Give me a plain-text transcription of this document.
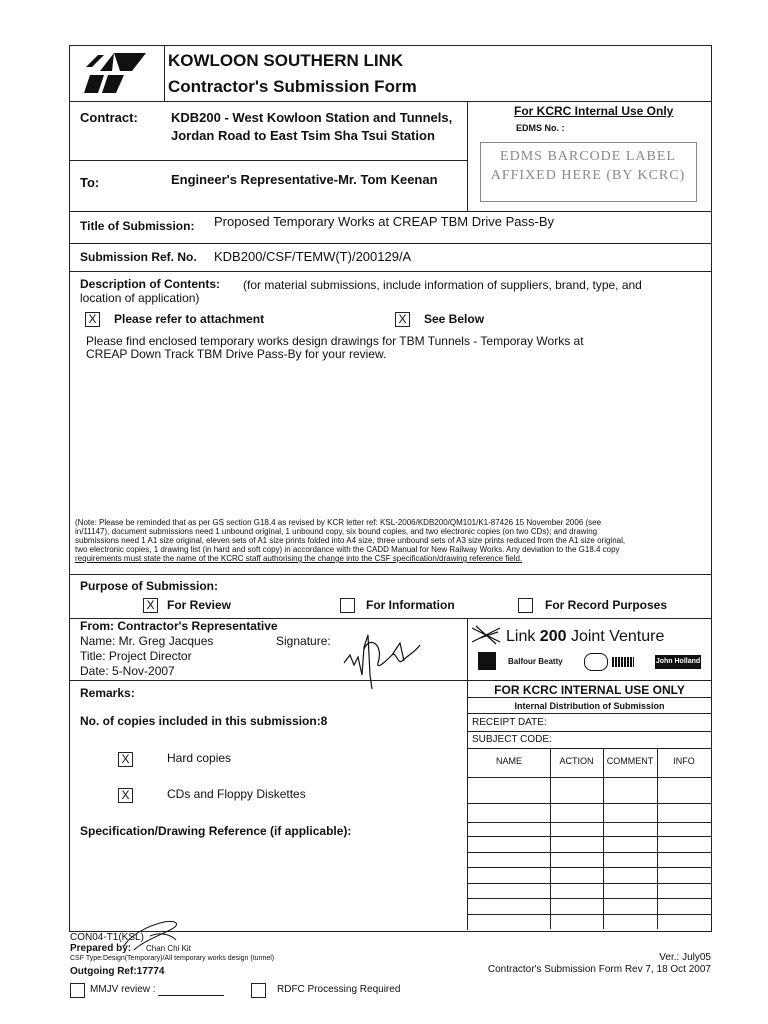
KOWLOON SOUTHERN LINK
Contractor's Submission Form
Contract:	KDB200 - West Kowloon Station and Tunnels,
Jordan Road to East Tsim Sha Tsui Station
To:	Engineer's Representative-Mr. Tom Keenan
For KCRC Internal Use Only
EDMS No. :
EDMS BARCODE LABEL
AFFIXED HERE (BY KCRC)
Title of Submission: Proposed Temporary Works at CREAP TBM Drive Pass-By
Submission Ref. No. KDB200/CSF/TEMW(T)/200129/A
Description of Contents: (for material submissions, include information of suppliers, brand, type, and
location of application)
X Please refer to attachment	X See Below
Please find enclosed temporary works design drawings for TBM Tunnels - Temporay Works at
CREAP Down Track TBM Drive Pass-By for your review.
(Note: Please be reminded that as per GS section G18.4 as revised by KCR letter ref: KSL-2006/KDB200/QM101/K1-87426 15 November 2006 (see
in/11147), document submissions need 1 unbound original, 1 unbound copy, six bound copies, and two electronic copies (on two CDs); and drawing
submissions need 1 A1 size original, eleven sets of A1 size prints folded into A4 size, three unbound sets of A3 size prints reduced from the A1 size original,
two electronic copies, 1 drawing list (in hard and soft copy) in accordance with the CADD Manual for New Railway Works. Any deviation to the G18.4 copy
requirements must state the name of the KCRC staff authorising the change into the CSF specification/drawing reference field.
Purpose of Submission:
X For Review	For Information	For Record Purposes
From: Contractor's Representative
Name: Mr. Greg Jacques	Signature:
Title: Project Director
Date: 5-Nov-2007
Link 200 Joint Venture
Balfour Beatty	John Holland
Remarks:
No. of copies included in this submission:8
X	Hard copies
X	CDs and Floppy Diskettes
Specification/Drawing Reference (if applicable):
FOR KCRC INTERNAL USE ONLY
Internal Distribution of Submission
RECEIPT DATE:
SUBJECT CODE:
NAME	ACTION	COMMENT	INFO
CON04-T1(KSL)
Prepared by: Chan Chi Kit
CSF Type:Design(Temporary)/All temporary works design (tunnel)
Outgoing Ref:17774
MMJV review :	RDFC Processing Required
Ver.: July05
Contractor's Submission Form Rev 7, 18 Oct 2007
